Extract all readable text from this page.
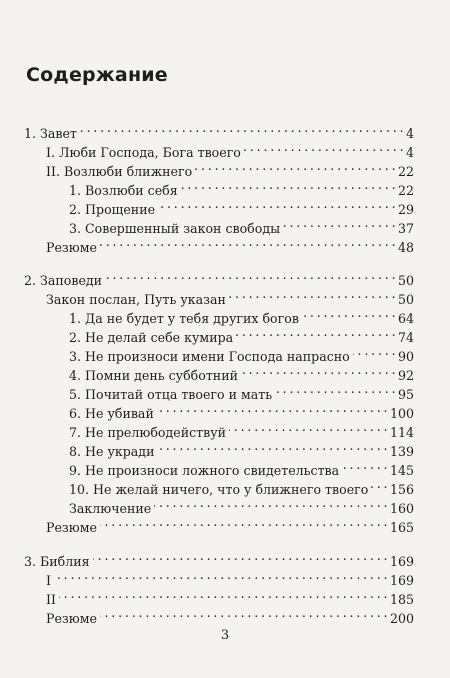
Содержание
1. Завет . . .	4
I. Люби Господа, Бога твоего . . .	4
II. Возлюби ближнего . . .	22
1. Возлюби себя . . .	22
2. Прощение . . .	29
3. Совершенный закон свободы . . .	37
Резюме . . .	48
2. Заповеди . . .	50
Закон послан, Путь указан . . .	50
1. Да не будет у тебя других богов . . .	64
2. Не делай себе кумира . . .	74
3. Не произноси имени Господа напрасно . . .	90
4. Помни день субботний . . .	92
5. Почитай отца твоего и мать . . .	95
6. Не убивай . . .	100
7. Не прелюбодействуй . . .	114
8. Не укради . . .	139
9. Не произноси ложного свидетельства . . .	145
10. Не желай ничего, что у ближнего твоего . . . 156
Заключение . . .	160
Резюме . . .	165
3. Библия . . .	169
I . . .	169
II . . .	185
Резюме . . .	200
3
